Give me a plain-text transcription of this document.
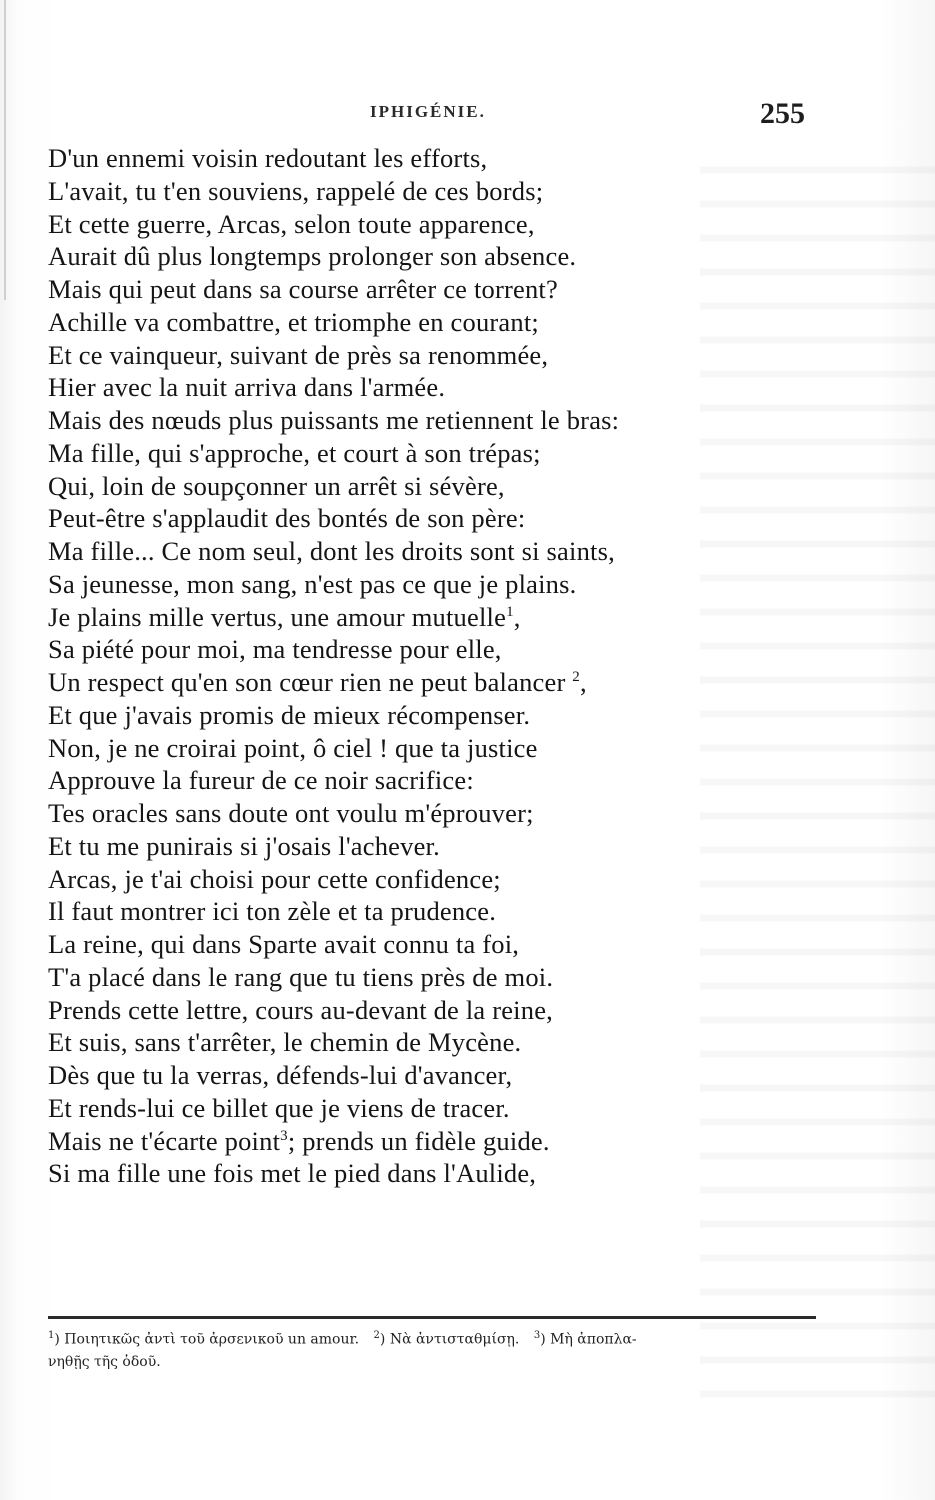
IPHIGÉNIE.	255
D'un ennemi voisin redoutant les efforts,
L'avait, tu t'en souviens, rappelé de ces bords;
Et cette guerre, Arcas, selon toute apparence,
Aurait dû plus longtemps prolonger son absence.
Mais qui peut dans sa course arrêter ce torrent?
Achille va combattre, et triomphe en courant;
Et ce vainqueur, suivant de près sa renommée,
Hier avec la nuit arriva dans l'armée.
Mais des nœuds plus puissants me retiennent le bras:
Ma fille, qui s'approche, et court à son trépas;
Qui, loin de soupçonner un arrêt si sévère,
Peut-être s'applaudit des bontés de son père:
Ma fille... Ce nom seul, dont les droits sont si saints,
Sa jeunesse, mon sang, n'est pas ce que je plains.
Je plains mille vertus, une amour mutuelle$^1$,
Sa piété pour moi, ma tendresse pour elle,
Un respect qu'en son cœur rien ne peut balancer $^2$,
Et que j'avais promis de mieux récompenser.
Non, je ne croirai point, ô ciel ! que ta justice
Approuve la fureur de ce noir sacrifice:
Tes oracles sans doute ont voulu m'éprouver;
Et tu me punirais si j'osais l'achever.
Arcas, je t'ai choisi pour cette confidence;
Il faut montrer ici ton zèle et ta prudence.
La reine, qui dans Sparte avait connu ta foi,
T'a placé dans le rang que tu tiens près de moi.
Prends cette lettre, cours au-devant de la reine,
Et suis, sans t'arrêter, le chemin de Mycène.
Dès que tu la verras, défends-lui d'avancer,
Et rends-lui ce billet que je viens de tracer.
Mais ne t'écarte point$^3$; prends un fidèle guide.
Si ma fille une fois met le pied dans l'Aulide,
$^1$) Ποιητικῶς ἀντὶ τοῦ ἀρσενικοῦ un amour. $^2$) Νὰ ἀντισταθμίσῃ. $^3$) Μὴ ἀποπλα-
νηθῇς τῆς ὁδοῦ.
